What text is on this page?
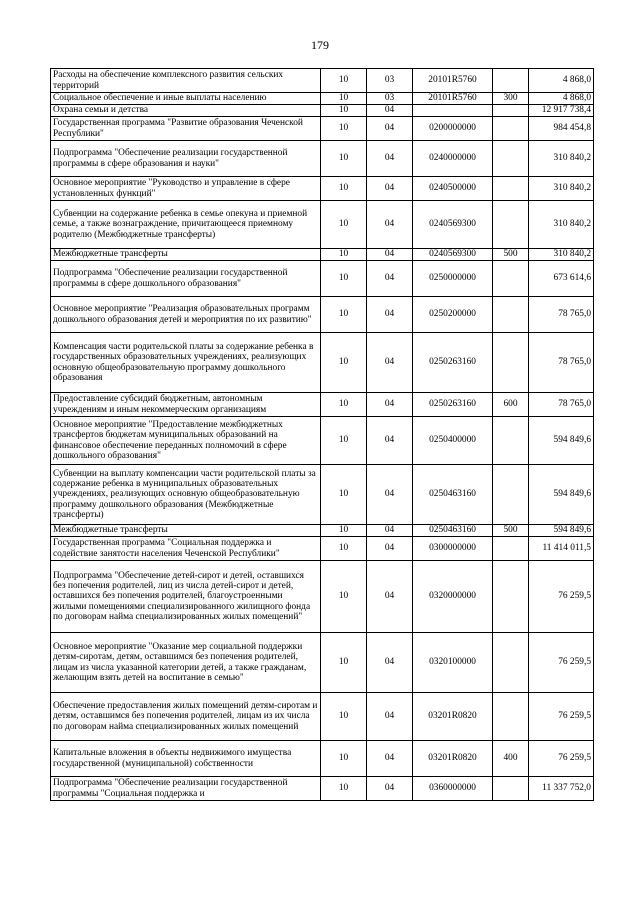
179
Расходы на обеспечение комплексного развития сельских территорий	10	03	20101R5760		4 868,0
Социальное обеспечение и иные выплаты населению	10	03	20101R5760	300	4 868,0
Охрана семьи и детства	10	04			12 917 738,4
Государственная программа "Развитие образования Чеченской Республики"	10	04	0200000000		984 454,8
Подпрограмма "Обеспечение реализации государственной программы в сфере образования и науки"	10	04	0240000000		310 840,2
Основное мероприятие "Руководство и управление в сфере установленных функций"	10	04	0240500000		310 840,2
Субвенции на содержание ребенка в семье опекуна и приемной семье, а также вознаграждение, причитающееся приемному родителю (Межбюджетные трансферты)	10	04	0240569300		310 840,2
Межбюджетные трансферты	10	04	0240569300	500	310 840,2
Подпрограмма "Обеспечение реализации государственной программы в сфере дошкольного образования"	10	04	0250000000		673 614,6
Основное мероприятие "Реализация образовательных программ дошкольного образования детей и мероприятия по их развитию"	10	04	0250200000		78 765,0
Компенсация части родительской платы за содержание ребенка в государственных образовательных учреждениях, реализующих основную общеобразовательную программу дошкольного образования	10	04	0250263160		78 765,0
Предоставление субсидий бюджетным, автономным учреждениям и иным некоммерческим организациям	10	04	0250263160	600	78 765,0
Основное мероприятие "Предоставление межбюджетных трансфертов бюджетам муниципальных образований на финансовое обеспечение переданных полномочий в сфере дошкольного образования"	10	04	0250400000		594 849,6
Субвенции на выплату компенсации части родительской платы за содержание ребенка в муниципальных образовательных учреждениях, реализующих основную общеобразовательную программу дошкольного образования (Межбюджетные трансферты)	10	04	0250463160		594 849,6
Межбюджетные трансферты	10	04	0250463160	500	594 849,6
Государственная программа "Социальная поддержка и содействие занятости населения Чеченской Республики"	10	04	0300000000		11 414 011,5
Подпрограмма "Обеспечение детей-сирот и детей, оставшихся без попечения родителей, лиц из числа детей-сирот и детей, оставшихся без попечения родителей, благоустроенными жилыми помещениями специализированного жилищного фонда по договорам найма специализированных жилых помещений"	10	04	0320000000		76 259,5
Основное мероприятие "Оказание мер социальной поддержки детям-сиротам, детям, оставшимся без попечения родителей, лицам из числа указанной категории детей, а также гражданам, желающим взять детей на воспитание в семью"	10	04	0320100000		76 259,5
Обеспечение предоставления жилых помещений детям-сиротам и детям, оставшимся без попечения родителей, лицам из их числа по договорам найма специализированных жилых помещений	10	04	03201R0820		76 259,5
Капитальные вложения в объекты недвижимого имущества государственной (муниципальной) собственности	10	04	03201R0820	400	76 259,5
Подпрограмма "Обеспечение реализации государственной программы "Социальная поддержка и	10	04	0360000000		11 337 752,0
